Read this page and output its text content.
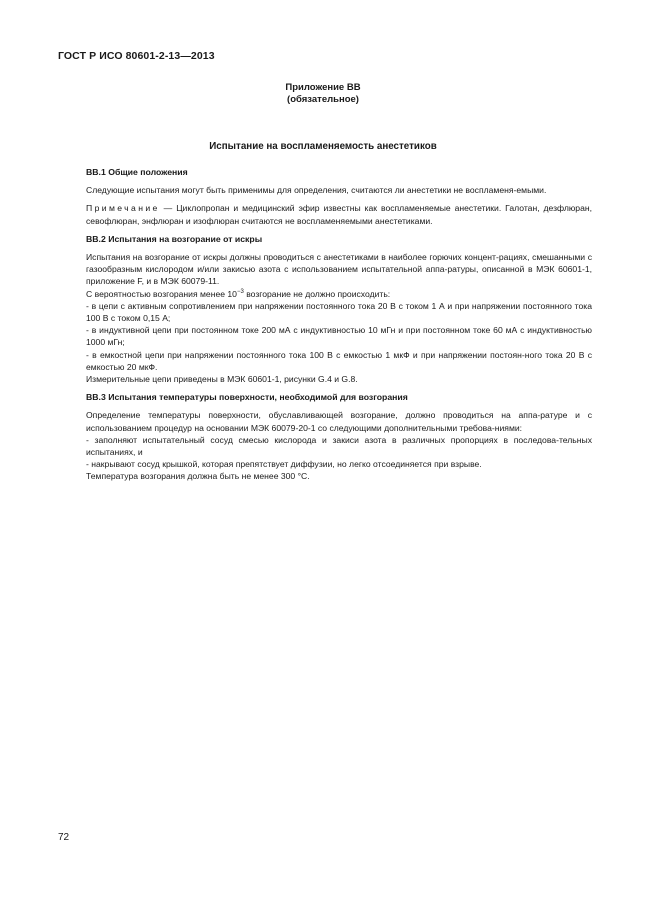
ГОСТ Р ИСО 80601-2-13—2013
Приложение ВВ
(обязательное)
Испытание на воспламеняемость анестетиков
ВВ.1 Общие положения

Следующие испытания могут быть применимы для определения, считаются ли анестетики не воспламеня-емыми.

Примечание — Циклопропан и медицинский эфир известны как воспламеняемые анестетики. Галотан, дезфлюран, севофлюран, энфлюран и изофлюран считаются не воспламеняемыми анестетиками.

ВВ.2 Испытания на возгорание от искры

Испытания на возгорание от искры должны проводиться с анестетиками в наиболее горючих концент-рациях, смешанными с газообразным кислородом и/или закисью азота с использованием испытательной аппа-ратуры, описанной в МЭК 60601-1, приложение F, и в МЭК 60079-11.

С вероятностью возгорания менее $10^{-3}$ возгорание не должно происходить:

- в цепи с активным сопротивлением при напряжении постоянного тока 20 В с током 1 А и при напряжении постоянного тока 100 В с током 0,15 А;

- в индуктивной цепи при постоянном токе 200 мА с индуктивностью 10 мГн и при постоянном токе 60 мА с индуктивностью 1000 мГн;

- в емкостной цепи при напряжении постоянного тока 100 В с емкостью 1 мкФ и при напряжении постоян-ного тока 20 В с емкостью 20 мкФ.

Измерительные цепи приведены в МЭК 60601-1, рисунки G.4 и G.8.

ВВ.3 Испытания температуры поверхности, необходимой для возгорания

Определение температуры поверхности, обуславливающей возгорание, должно проводиться на аппа-ратуре и с использованием процедур на основании МЭК 60079-20-1 со следующими дополнительными требова-ниями:

- заполняют испытательный сосуд смесью кислорода и закиси азота в различных пропорциях в последова-тельных испытаниях, и

- накрывают сосуд крышкой, которая препятствует диффузии, но легко отсоединяется при взрыве.

Температура возгорания должна быть не менее 300 °С.

72
